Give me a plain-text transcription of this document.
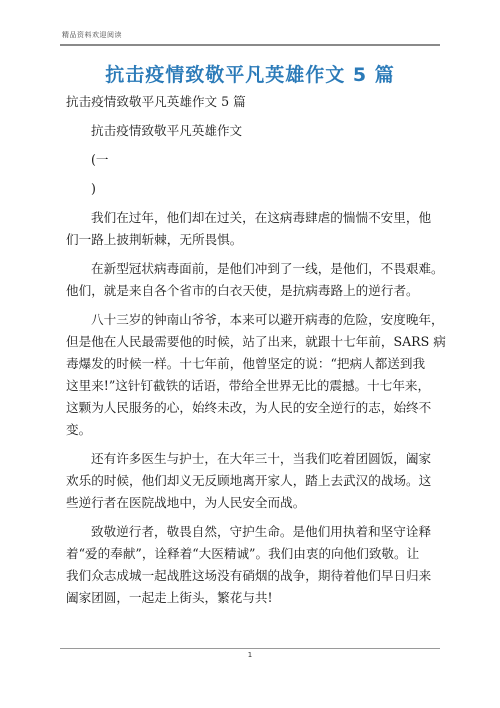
精品资料欢迎阅读
抗击疫情致敬平凡英雄作文 5 篇

抗击疫情致敬平凡英雄作文 5 篇

抗击疫情致敬平凡英雄作文

(一

)

我们在过年，他们却在过关，在这病毒肆虐的惴惴不安里，他

们一路上披荆斩棘，无所畏惧。

在新型冠状病毒面前，是他们冲到了一线，是他们，不畏艰难。

他们，就是来自各个省市的白衣天使，是抗病毒路上的逆行者。

八十三岁的钟南山爷爷，本来可以避开病毒的危险，安度晚年，

但是他在人民最需要他的时候，站了出来，就跟十七年前，SARS 病

毒爆发的时候一样。十七年前，他曾坚定的说：“把病人都送到我

这里来!”这针钉截铁的话语，带给全世界无比的震撼。十七年来，

这颗为人民服务的心，始终未改，为人民的安全逆行的志，始终不

变。

还有许多医生与护士，在大年三十，当我们吃着团圆饭，阖家

欢乐的时候，他们却义无反顾地离开家人，踏上去武汉的战场。这

些逆行者在医院战地中，为人民安全而战。

致敬逆行者，敬畏自然，守护生命。是他们用执着和坚守诠释

着“爱的奉献”，诠释着“大医精诚”。我们由衷的向他们致敬。让

我们众志成城一起战胜这场没有硝烟的战争，期待着他们早日归来

阖家团圆，一起走上街头，繁花与共!

1
